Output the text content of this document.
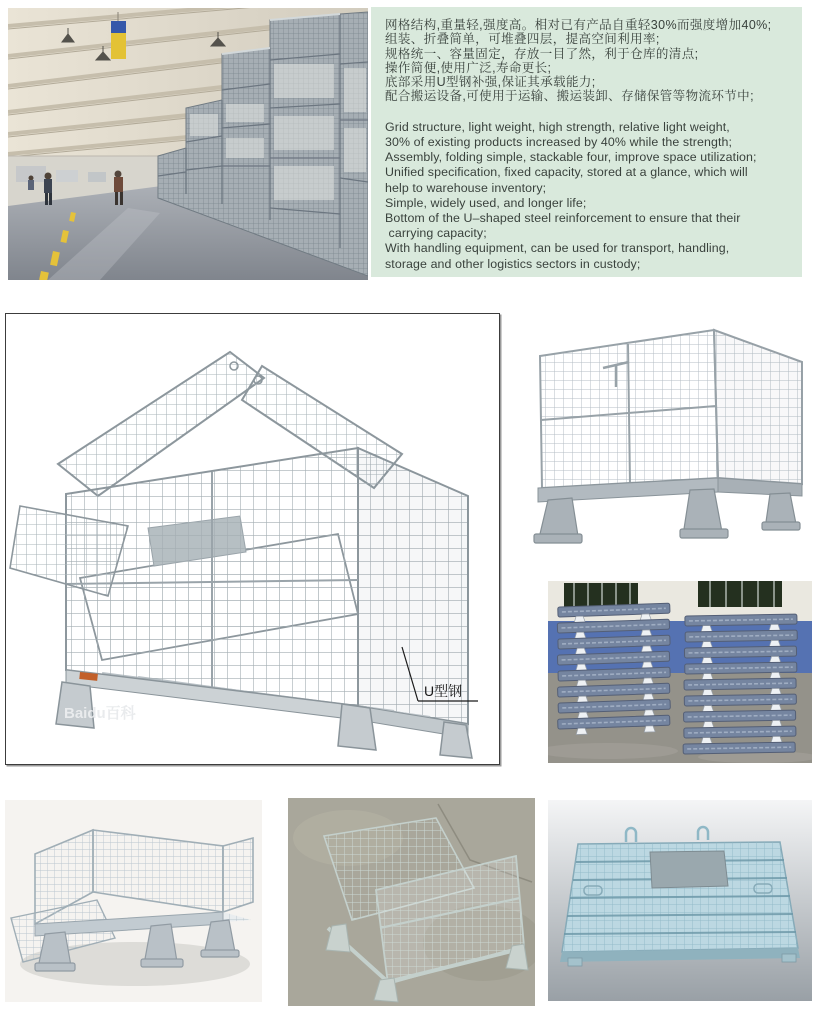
网格结构,重量轻,强度高。相对已有产品自重轻30%而强度增加40%;
组装、折叠简单，可堆叠四层，提高空间利用率;
规格统一、容量固定，存放一目了然，利于仓库的清点;
操作简便,使用广泛,寿命更长;
底部采用U型钢补强,保证其承载能力;
配合搬运设备,可使用于运输、搬运装卸、存储保管等物流环节中;
Grid structure, light weight, high strength, relative light weight,
30% of existing products increased by 40% while the strength;
Assembly, folding simple, stackable four, improve space utilization;
Unified specification, fixed capacity, stored at a glance, which will
help to warehouse inventory;
Simple, widely used, and longer life;
Bottom of the U–shaped steel reinforcement to ensure that their
carrying capacity;
With handling equipment, can be used for transport, handling,
storage and other logistics sectors in custody;
U型钢
Baidu百科
